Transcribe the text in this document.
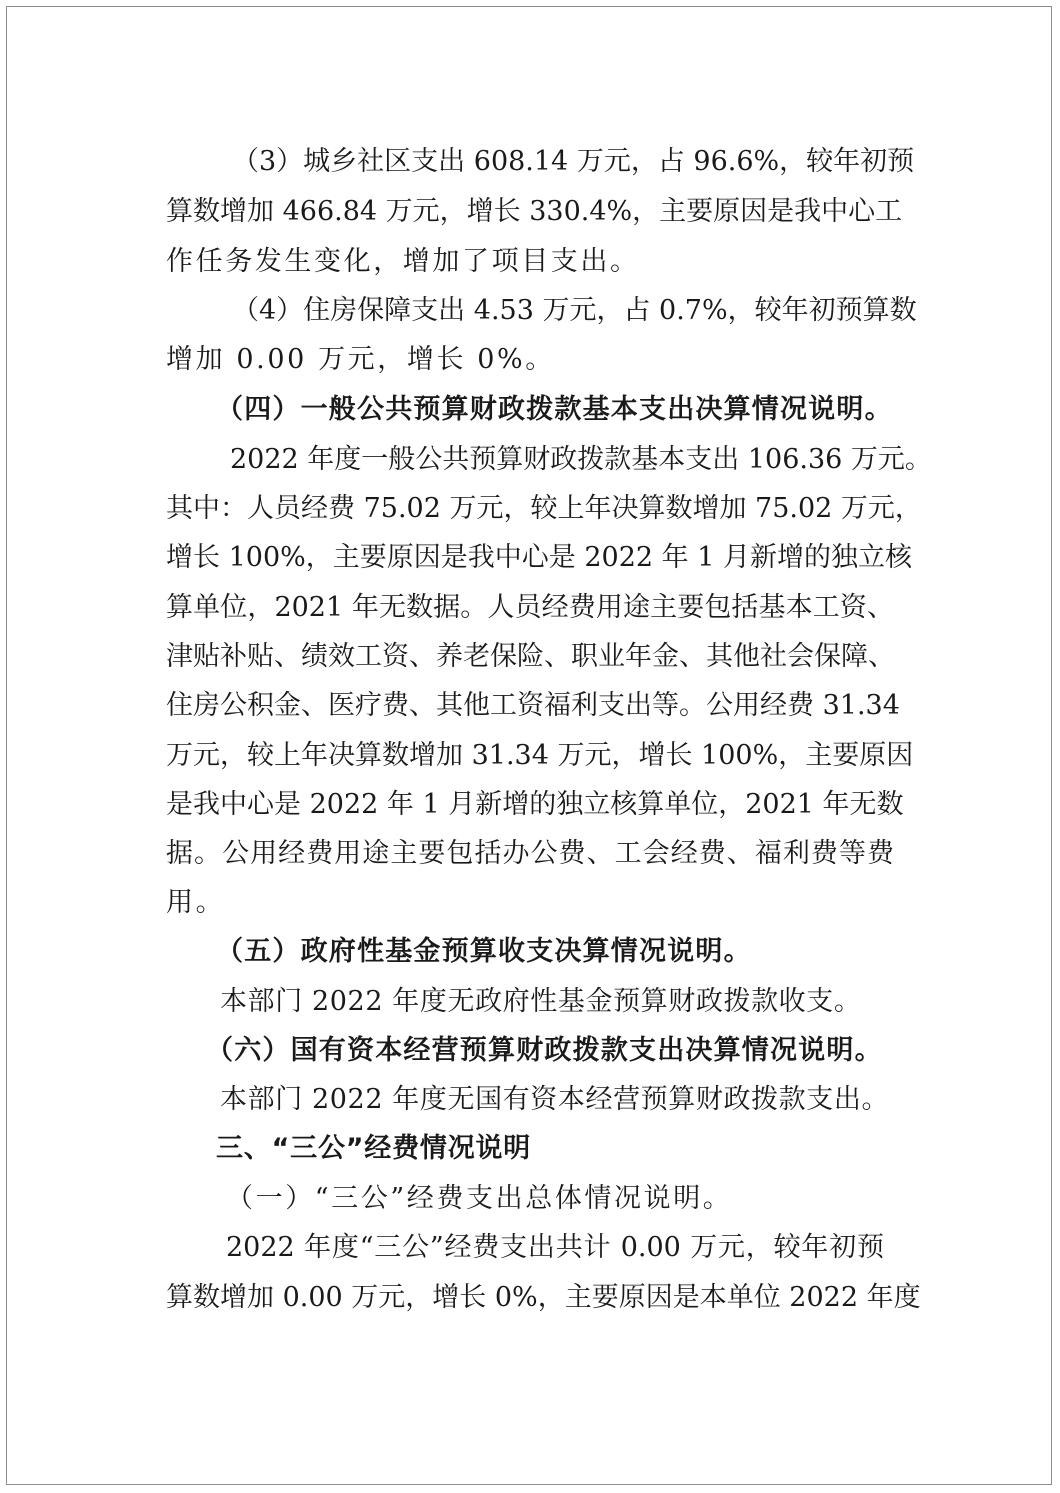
（3）城乡社区支出 608.14 万元，占 96.6%，较年初预
算数增加 466.84 万元，增长 330.4%，主要原因是我中心工
作任务发生变化，增加了项目支出。
（4）住房保障支出 4.53 万元，占 0.7%，较年初预算数
增加 0.00 万元，增长 0%。
（四）一般公共预算财政拨款基本支出决算情况说明。
2022 年度一般公共预算财政拨款基本支出 106.36 万元。
其中：人员经费 75.02 万元，较上年决算数增加 75.02 万元，
增长 100%，主要原因是我中心是 2022 年 1 月新增的独立核
算单位，2021 年无数据。人员经费用途主要包括基本工资、
津贴补贴、绩效工资、养老保险、职业年金、其他社会保障、
住房公积金、医疗费、其他工资福利支出等。公用经费 31.34
万元，较上年决算数增加 31.34 万元，增长 100%，主要原因
是我中心是 2022 年 1 月新增的独立核算单位，2021 年无数
据。公用经费用途主要包括办公费、工会经费、福利费等费
用。
（五）政府性基金预算收支决算情况说明。
本部门 2022 年度无政府性基金预算财政拨款收支。
（六）国有资本经营预算财政拨款支出决算情况说明。
本部门 2022 年度无国有资本经营预算财政拨款支出。
三、“三公”经费情况说明
（一）“三公”经费支出总体情况说明。
2022 年度“三公”经费支出共计 0.00 万元，较年初预
算数增加 0.00 万元，增长 0%，主要原因是本单位 2022 年度
